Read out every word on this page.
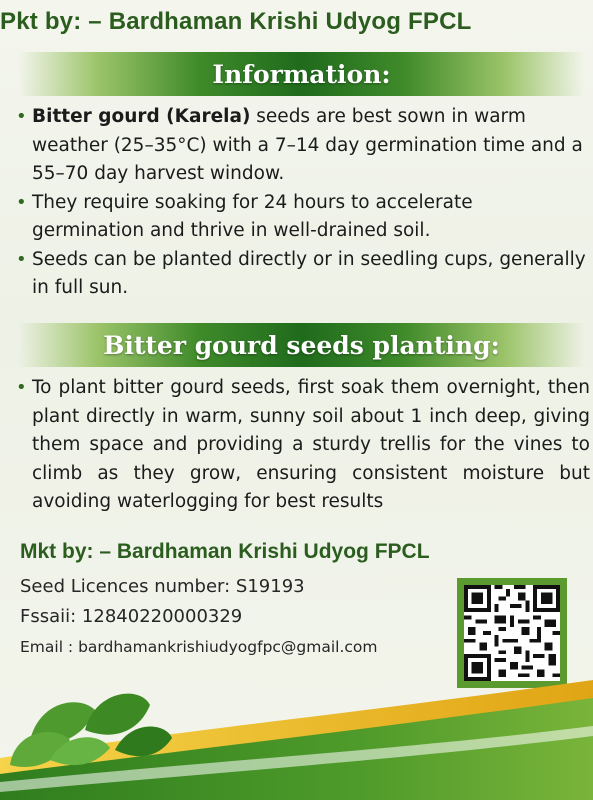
Pkt by: – Bardhaman Krishi Udyog FPCL
Information:
• Bitter gourd (Karela) seeds are best sown in warm weather (25–35°C) with a 7–14 day germination time and a 55–70 day harvest window.
• They require soaking for 24 hours to accelerate germination and thrive in well-drained soil.
• Seeds can be planted directly or in seedling cups, generally in full sun.
Bitter gourd seeds planting:
• To plant bitter gourd seeds, first soak them overnight, then plant directly in warm, sunny soil about 1 inch deep, giving them space and providing a sturdy trellis for the vines to climb as they grow, ensuring consistent moisture but avoiding waterlogging for best results

Mkt by: – Bardhaman Krishi Udyog FPCL

Seed Licences number: S19193
Fssaii: 12840220000329
Email : bardhamankrishiudyogfpc@gmail.com
